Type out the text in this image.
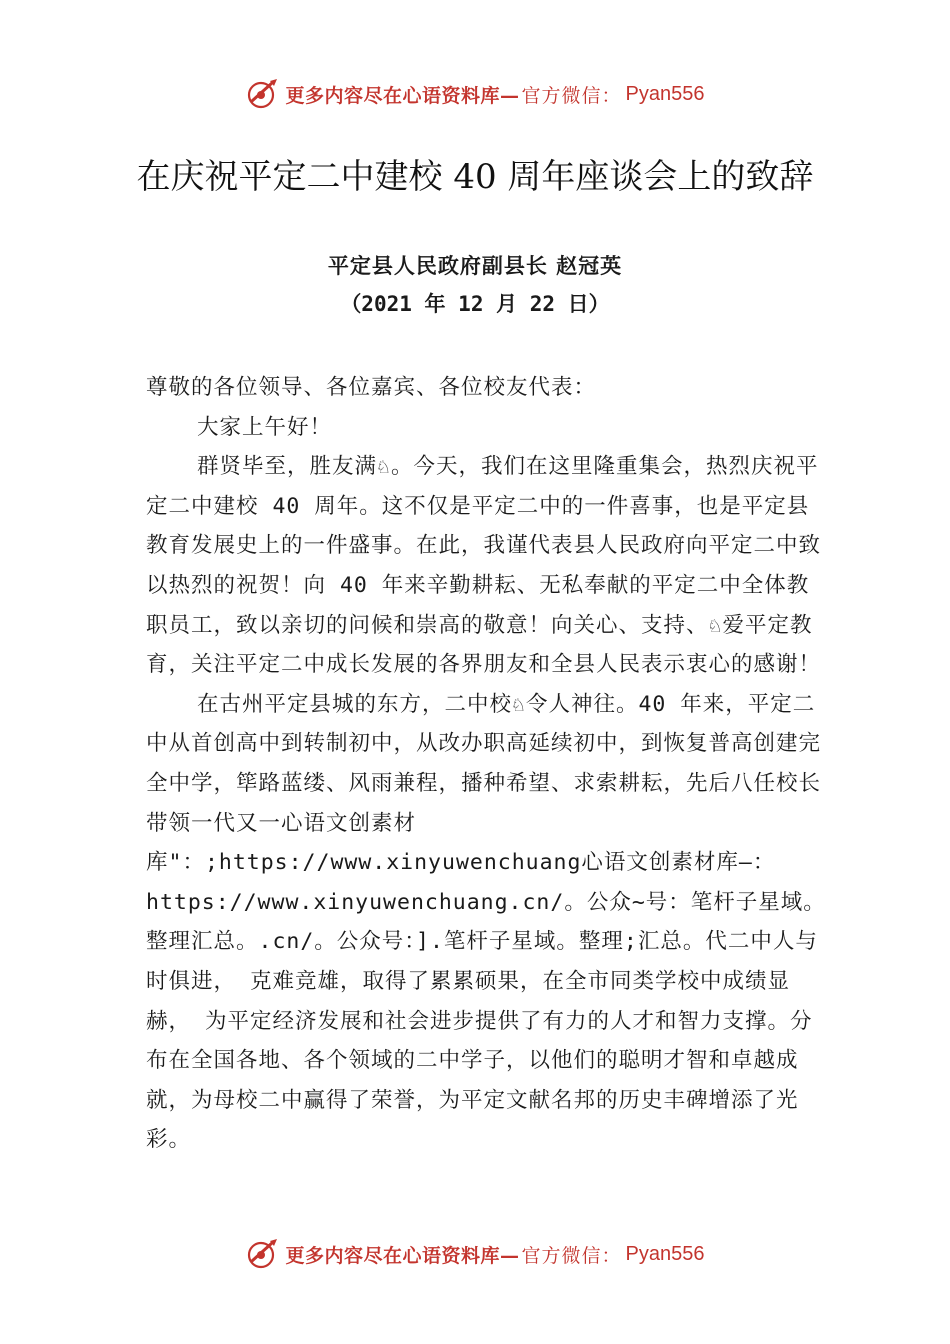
更多内容尽在心语资料库— 官方微信： Pyan556
在庆祝平定二中建校 40 周年座谈会上的致辞
平定县人民政府副县长 赵冠英
（2021 年 12 月 22 日）

尊敬的各位领导、各位嘉宾、各位校友代表：

大家上午好！

群贤毕至，胜友满♘。今天，我们在这里隆重集会，热烈庆祝平定二中建校 40 周年。这不仅是平定二中的一件喜事，也是平定县教育发展史上的一件盛事。在此，我谨代表县人民政府向平定二中致以热烈的祝贺！向 40 年来辛勤耕耘、无私奉献的平定二中全体教职员工，致以亲切的问候和崇高的敬意！向关心、支持、♘爱平定教育，关注平定二中成长发展的各界朋友和全县人民表示衷心的感谢！

在古州平定县城的东方，二中校♘令人神往。40 年来，平定二中从首创高中到转制初中，从改办职高延续初中，到恢复普高创建完全中学，筚路蓝缕、风雨兼程，播种希望、求索耕耘，先后八任校长带领一代又一心语文创素材库"：;https://www.xinyuwenchuang心语文创素材库—：https://www.xinyuwenchuang.cn/。公众~号：笔杆子星域。整理汇总。.cn/。公众号：].笔杆子星域。整理;汇总。代二中人与时俱进， 克难竞雄，取得了累累硕果，在全市同类学校中成绩显赫， 为平定经济发展和社会进步提供了有力的人才和智力支撑。分布在全国各地、各个领域的二中学子，以他们的聪明才智和卓越成就，为母校二中赢得了荣誉，为平定文献名邦的历史丰碑增添了光彩。

更多内容尽在心语资料库— 官方微信： Pyan556
